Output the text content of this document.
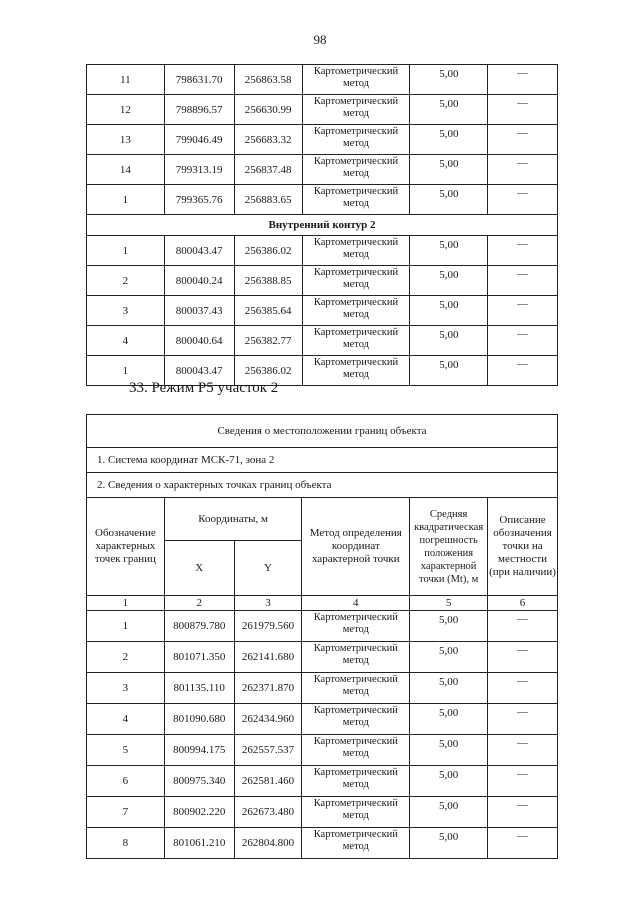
98
11	798631.70	256863.58	Картометрический метод	5,00	—
12	798896.57	256630.99	Картометрический метод	5,00	—
13	799046.49	256683.32	Картометрический метод	5,00	—
14	799313.19	256837.48	Картометрический метод	5,00	—
1	799365.76	256883.65	Картометрический метод	5,00	—
Внутренний контур 2					
1	800043.47	256386.02	Картометрический метод	5,00	—
2	800040.24	256388.85	Картометрический метод	5,00	—
3	800037.43	256385.64	Картометрический метод	5,00	—
4	800040.64	256382.77	Картометрический метод	5,00	—
1	800043.47	256386.02	Картометрический метод	5,00	—
33. Режим Р5 участок 2
Сведения о местоположении границ объекта					
1. Система координат МСК-71, зона 2					
2. Сведения о характерных точках границ объекта					
Обозначение характерных точек границ	Координаты, м		Метод определения координат характерной точки	Средняя квадратическая погрешность положения характерной точки (Mt), м	Описание обозначения точки на местности (при наличии)
	X	Y			
1	2	3	4	5	6
1	800879.780	261979.560	Картометрический метод	5,00	—
2	801071.350	262141.680	Картометрический метод	5,00	—
3	801135.110	262371.870	Картометрический метод	5,00	—
4	801090.680	262434.960	Картометрический метод	5,00	—
5	800994.175	262557.537	Картометрический метод	5,00	—
6	800975.340	262581.460	Картометрический метод	5,00	—
7	800902.220	262673.480	Картометрический метод	5,00	—
8	801061.210	262804.800	Картометрический метод	5,00	—
